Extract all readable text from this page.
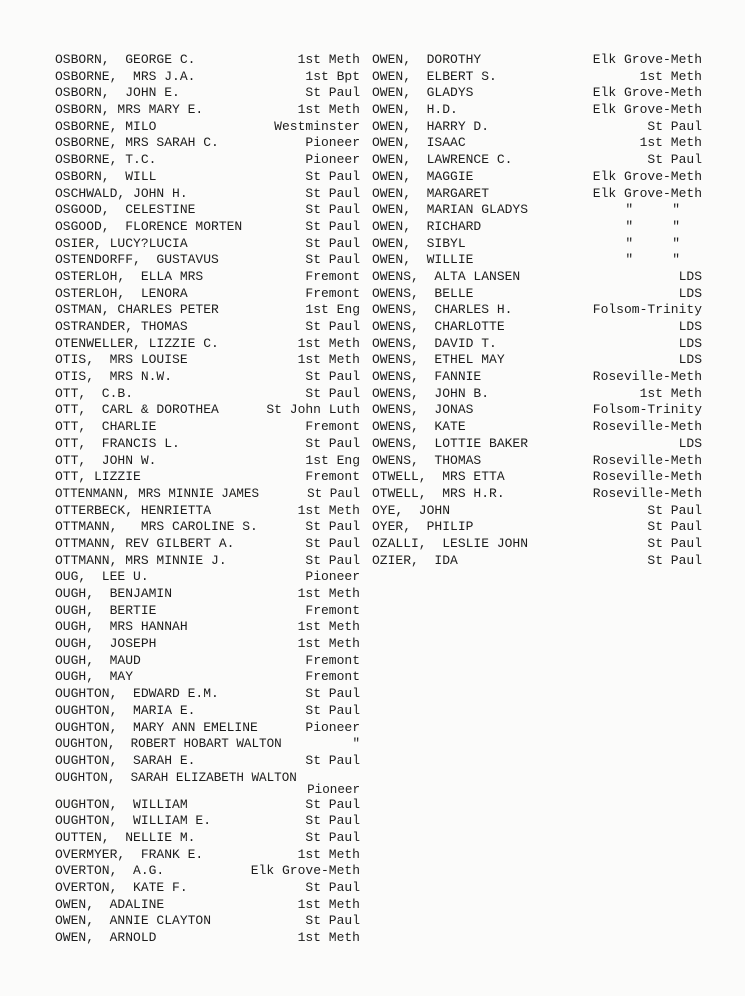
OSBORN,  GEORGE C.	1st Meth
OSBORNE,  MRS J.A.	1st Bpt
OSBORN,  JOHN E.	St Paul
OSBORN, MRS MARY E.	1st Meth
OSBORNE, MILO	Westminster
OSBORNE, MRS SARAH C.	Pioneer
OSBORNE, T.C.	Pioneer
OSBORN,  WILL	St Paul
OSCHWALD, JOHN H.	St Paul
OSGOOD,  CELESTINE	St Paul
OSGOOD,  FLORENCE MORTEN	St Paul
OSIER, LUCY?LUCIA	St Paul
OSTENDORFF,  GUSTAVUS	St Paul
OSTERLOH,  ELLA MRS	Fremont
OSTERLOH,  LENORA	Fremont
OSTMAN, CHARLES PETER	1st Eng
OSTRANDER, THOMAS	St Paul
OTENWELLER, LIZZIE C.	1st Meth
OTIS,  MRS LOUISE	1st Meth
OTIS,  MRS N.W.	St Paul
OTT,  C.B.	St Paul
OTT,  CARL & DOROTHEA	St John Luth
OTT,  CHARLIE	Fremont
OTT,  FRANCIS L.	St Paul
OTT,  JOHN W.	1st Eng
OTT, LIZZIE	Fremont
OTTENMANN, MRS MINNIE JAMES	St Paul
OTTERBECK, HENRIETTA	1st Meth
OTTMANN,   MRS CAROLINE S.	St Paul
OTTMANN, REV GILBERT A.	St Paul
OTTMANN, MRS MINNIE J.	St Paul
OUG,  LEE U.	Pioneer
OUGH,  BENJAMIN	1st Meth
OUGH,  BERTIE	Fremont
OUGH,  MRS HANNAH	1st Meth
OUGH,  JOSEPH	1st Meth
OUGH,  MAUD	Fremont
OUGH,  MAY	Fremont
OUGHTON,  EDWARD E.M.	St Paul
OUGHTON,  MARIA E.	St Paul
OUGHTON,  MARY ANN EMELINE	Pioneer
OUGHTON,  ROBERT HOBART WALTON	"
OUGHTON,  SARAH E.	St Paul
OUGHTON,  SARAH ELIZABETH WALTON
Pioneer
OUGHTON,  WILLIAM	St Paul
OUGHTON,  WILLIAM E.	St Paul
OUTTEN,  NELLIE M.	St Paul
OVERMYER,  FRANK E.	1st Meth
OVERTON,  A.G.	Elk Grove-Meth
OVERTON,  KATE F.	St Paul
OWEN,  ADALINE	1st Meth
OWEN,  ANNIE CLAYTON	St Paul
OWEN,  ARNOLD	1st Meth
OWEN,  DOROTHY	Elk Grove-Meth
OWEN,  ELBERT S.	1st Meth
OWEN,  GLADYS	Elk Grove-Meth
OWEN,  H.D.	Elk Grove-Meth
OWEN,  HARRY D.	St Paul
OWEN,  ISAAC	1st Meth
OWEN,  LAWRENCE C.	St Paul
OWEN,  MAGGIE	Elk Grove-Meth
OWEN,  MARGARET	Elk Grove-Meth
OWEN,  MARIAN GLADYS	"     "
OWEN,  RICHARD	"     "
OWEN,  SIBYL	"     "
OWEN,  WILLIE	"     "
OWENS,  ALTA LANSEN	LDS
OWENS,  BELLE	LDS
OWENS,  CHARLES H.	Folsom-Trinity
OWENS,  CHARLOTTE	LDS
OWENS,  DAVID T.	LDS
OWENS,  ETHEL MAY	LDS
OWENS,  FANNIE	Roseville-Meth
OWENS,  JOHN B.	1st Meth
OWENS,  JONAS	Folsom-Trinity
OWENS,  KATE	Roseville-Meth
OWENS,  LOTTIE BAKER	LDS
OWENS,  THOMAS	Roseville-Meth
OTWELL,  MRS ETTA	Roseville-Meth
OTWELL,  MRS H.R.	Roseville-Meth
OYE,  JOHN	St Paul
OYER,  PHILIP	St Paul
OZALLI,  LESLIE JOHN	St Paul
OZIER,  IDA	St Paul
